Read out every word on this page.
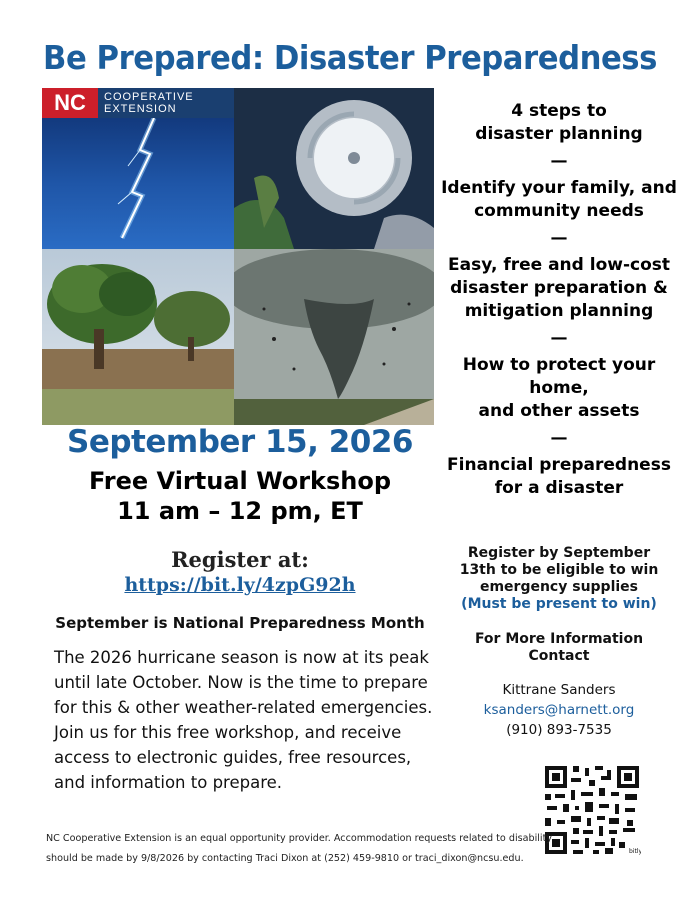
Be Prepared: Disaster Preparedness
NC	COOPERATIVE
EXTENSION
September 15, 2026
Free Virtual Workshop
11 am – 12 pm, ET
Register at:
https://bit.ly/4zpG92h
September is National Preparedness Month
The 2026 hurricane season is now at its peak
until late October. Now is the time to prepare
for this & other weather-related emergencies.
Join us for this free workshop, and receive
access to electronic guides, free resources,
and information to prepare.
4 steps to
disaster planning
—
Identify your family, and
community needs
—
Easy, free and low-cost
disaster preparation &
mitigation planning
—
How to protect your home,
and other assets
—
Financial preparedness
for a disaster
Register by September
13th to be eligible to win
emergency supplies
(Must be present to win)
For More Information
Contact
Kittrane Sanders
ksanders@harnett.org
(910) 893-7535
bitly
NC Cooperative Extension is an equal opportunity provider. Accommodation requests related to disability
should be made by 9/8/2026 by contacting Traci Dixon at (252) 459-9810 or traci_dixon@ncsu.edu.
